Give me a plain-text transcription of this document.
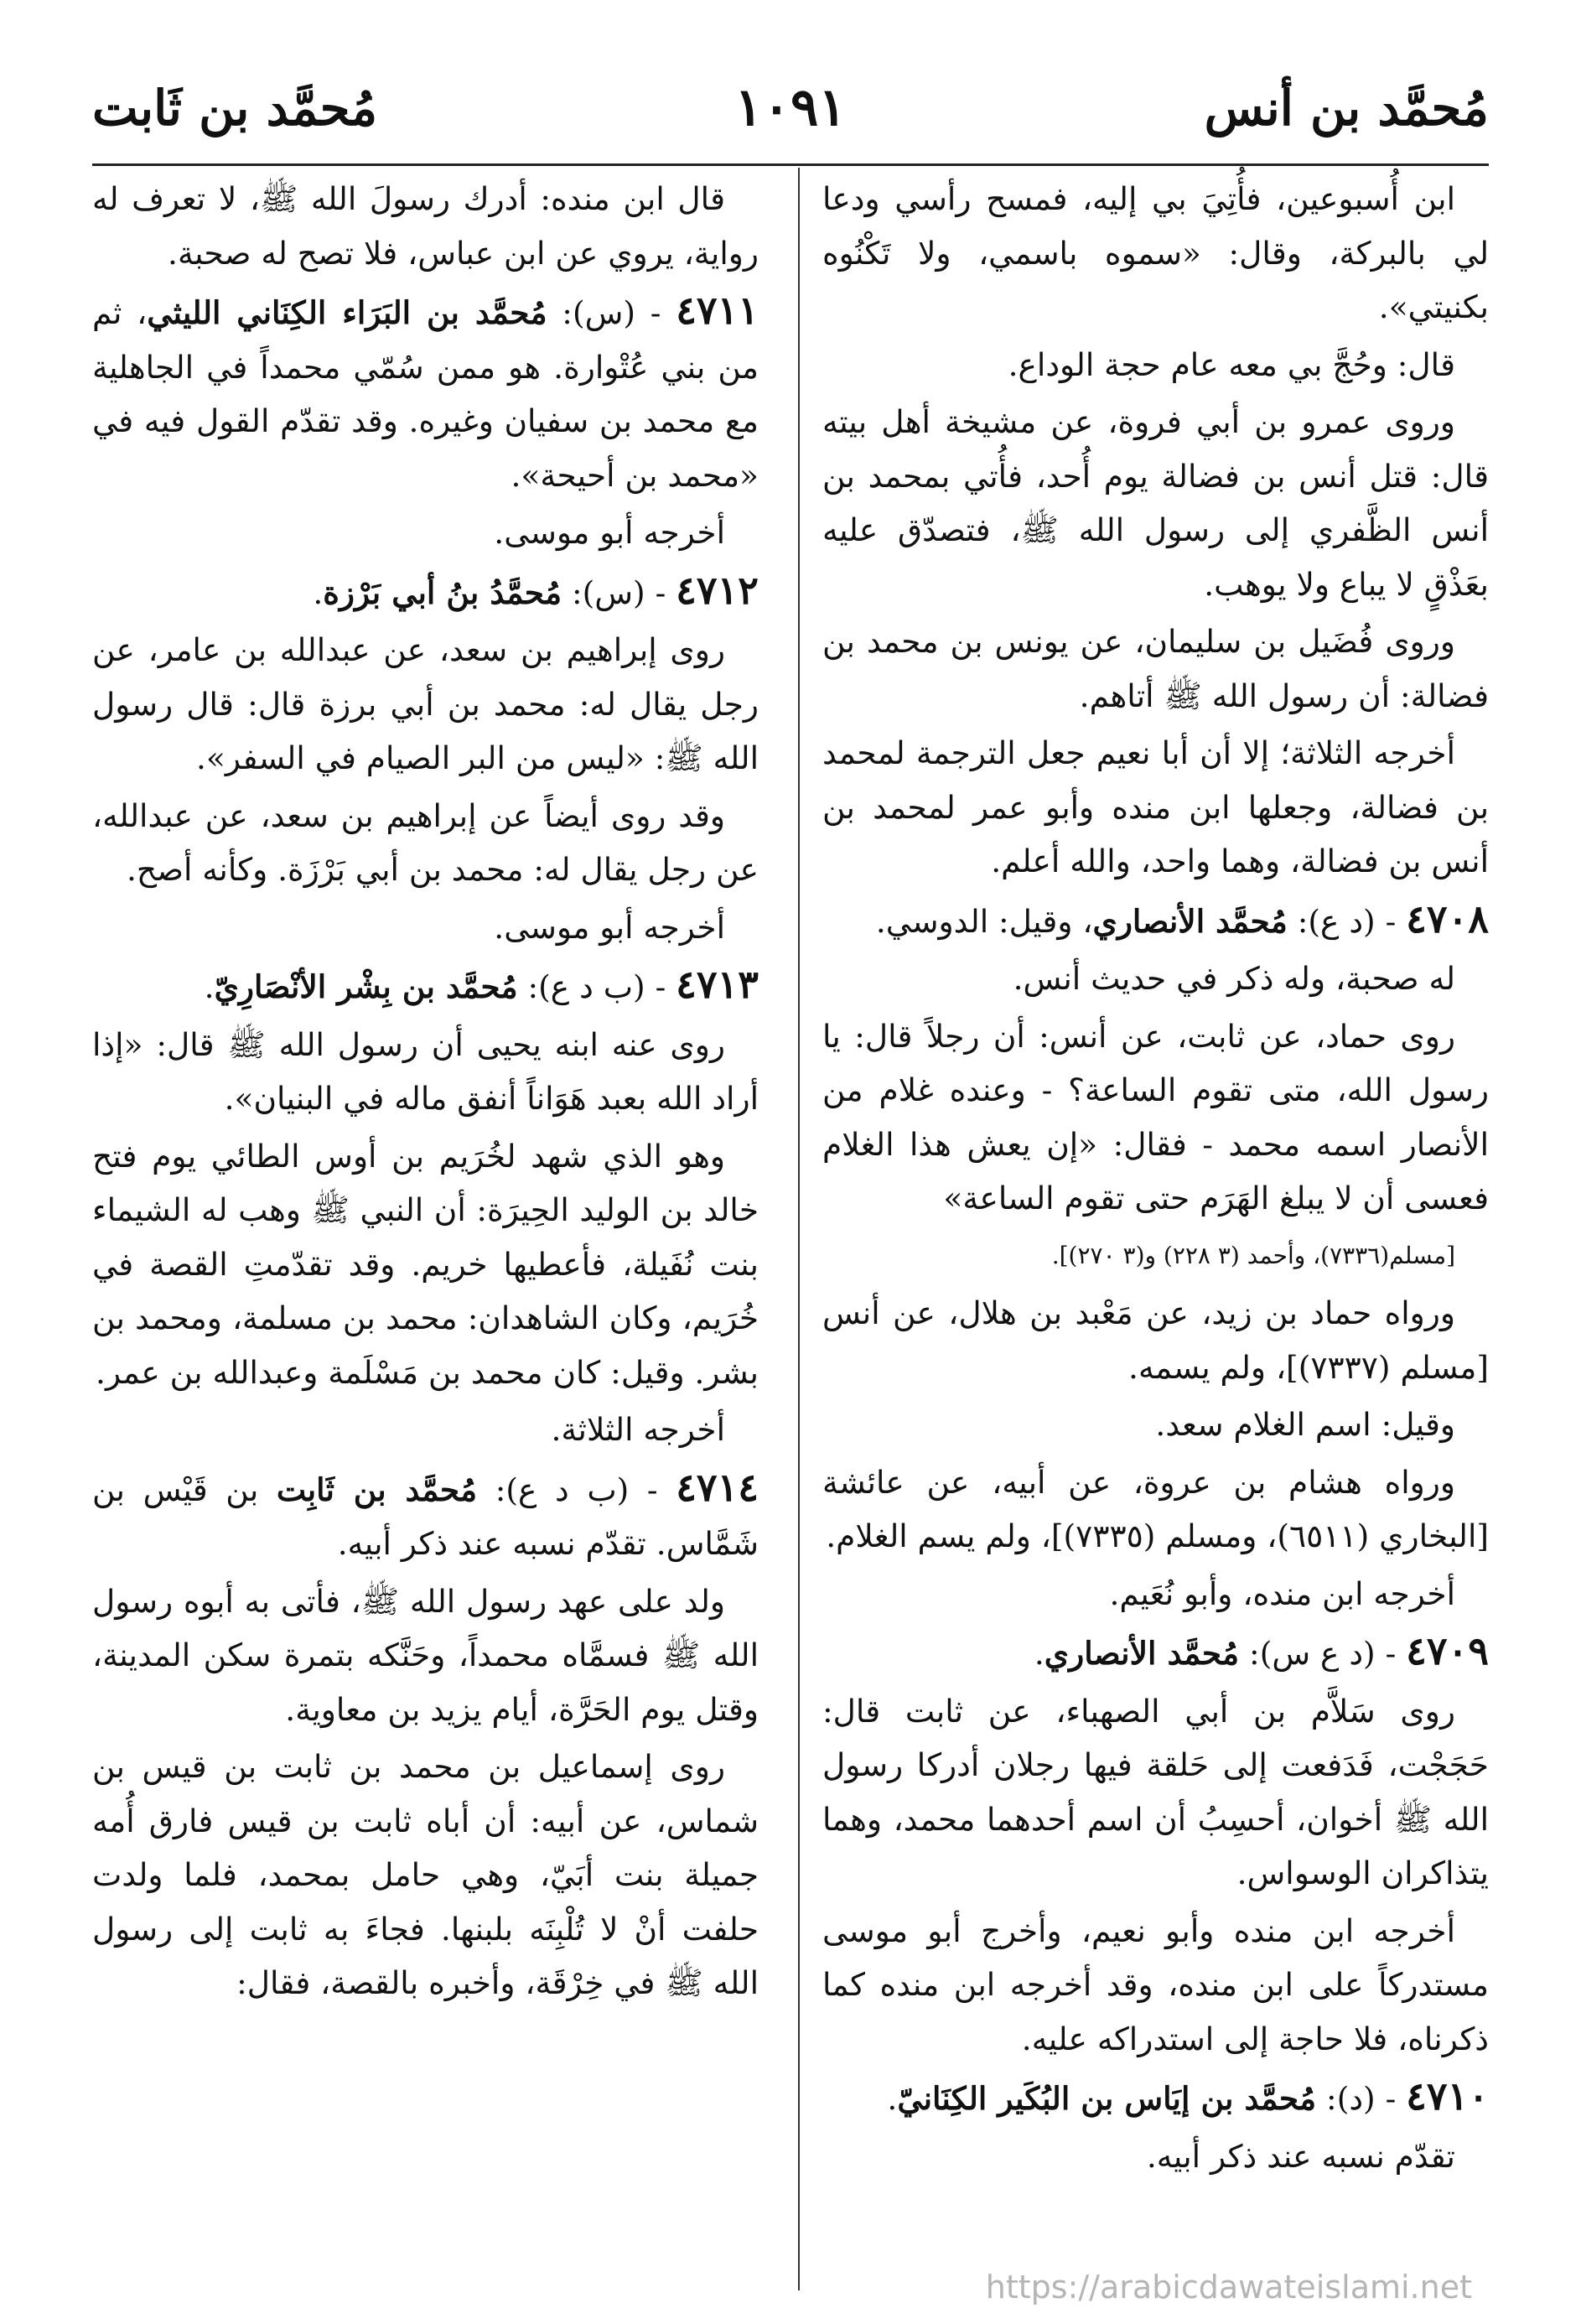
مُحمَّد بن أنس
١٠٩١
مُحمَّد بن ثَابت

ابن أُسبوعين، فأُتِيَ بي إليه، فمسح رأسي ودعا لي بالبركة، وقال: «سموه باسمي، ولا تَكْنُوه بكنيتي».

قال: وحُجَّ بي معه عام حجة الوداع.

وروى عمرو بن أبي فروة، عن مشيخة أهل بيته قال: قتل أنس بن فضالة يوم أُحد، فأُتي بمحمد بن أنس الظَّفري إلى رسول الله ﷺ، فتصدّق عليه بعَذْقٍ لا يباع ولا يوهب.

وروى فُضَيل بن سليمان، عن يونس بن محمد بن فضالة: أن رسول الله ﷺ أتاهم.

أخرجه الثلاثة؛ إلا أن أبا نعيم جعل الترجمة لمحمد بن فضالة، وجعلها ابن منده وأبو عمر لمحمد بن أنس بن فضالة، وهما واحد، والله أعلم.

٤٧٠٨ - (د ع): مُحمَّد الأنصاري، وقيل: الدوسي.

له صحبة، وله ذكر في حديث أنس.

روى حماد، عن ثابت، عن أنس: أن رجلاً قال: يا رسول الله، متى تقوم الساعة؟ - وعنده غلام من الأنصار اسمه محمد - فقال: «إن يعش هذا الغلام فعسى أن لا يبلغ الهَرَم حتى تقوم الساعة»

[مسلم(٧٣٣٦)، وأحمد (٣ ٢٢٨) و(٣ ٢٧٠)].

ورواه حماد بن زيد، عن مَعْبد بن هلال، عن أنس [مسلم (٧٣٣٧)]، ولم يسمه.

وقيل: اسم الغلام سعد.

ورواه هشام بن عروة، عن أبيه، عن عائشة [البخاري (٦٥١١)، ومسلم (٧٣٣٥)]، ولم يسم الغلام.

أخرجه ابن منده، وأبو نُعَيم.

٤٧٠٩ - (د ع س): مُحمَّد الأنصاري.

روى سَلاَّم بن أبي الصهباء، عن ثابت قال: حَجَجْت، فَدَفعت إلى حَلقة فيها رجلان أدركا رسول الله ﷺ أخوان، أحسِبُ أن اسم أحدهما محمد، وهما يتذاكران الوسواس.

أخرجه ابن منده وأبو نعيم، وأخرج أبو موسى مستدركاً على ابن منده، وقد أخرجه ابن منده كما ذكرناه، فلا حاجة إلى استدراكه عليه.

٤٧١٠ - (د): مُحمَّد بن إيَاس بن البُكَير الكِنَانيّ.

تقدّم نسبه عند ذكر أبيه.

قال ابن منده: أدرك رسولَ الله ﷺ، لا تعرف له رواية، يروي عن ابن عباس، فلا تصح له صحبة.

٤٧١١ - (س): مُحمَّد بن البَرَاء الكِنَاني الليثي، ثم من بني عُتْوارة. هو ممن سُمّي محمداً في الجاهلية مع محمد بن سفيان وغيره. وقد تقدّم القول فيه في «محمد بن أحيحة».

أخرجه أبو موسى.

٤٧١٢ - (س): مُحمَّدُ بنُ أبي بَرْزة.

روى إبراهيم بن سعد، عن عبدالله بن عامر، عن رجل يقال له: محمد بن أبي برزة قال: قال رسول الله ﷺ: «ليس من البر الصيام في السفر».

وقد روى أيضاً عن إبراهيم بن سعد، عن عبدالله، عن رجل يقال له: محمد بن أبي بَرْزَة. وكأنه أصح.

أخرجه أبو موسى.

٤٧١٣ - (ب د ع): مُحمَّد بن بِشْر الأنْصَارِيّ.

روى عنه ابنه يحيى أن رسول الله ﷺ قال: «إذا أراد الله بعبد هَوَاناً أنفق ماله في البنيان».

وهو الذي شهد لخُرَيم بن أوس الطائي يوم فتح خالد بن الوليد الحِيرَة: أن النبي ﷺ وهب له الشيماء بنت نُفَيلة، فأعطيها خريم. وقد تقدّمتِ القصة في خُرَيم، وكان الشاهدان: محمد بن مسلمة، ومحمد بن بشر. وقيل: كان محمد بن مَسْلَمة وعبدالله بن عمر.

أخرجه الثلاثة.

٤٧١٤ - (ب د ع): مُحمَّد بن ثَابِت بن قَيْس بن شَمَّاس. تقدّم نسبه عند ذكر أبيه.

ولد على عهد رسول الله ﷺ، فأتى به أبوه رسول الله ﷺ فسمَّاه محمداً، وحَنَّكه بتمرة سكن المدينة، وقتل يوم الحَرَّة، أيام يزيد بن معاوية.

روى إسماعيل بن محمد بن ثابت بن قيس بن شماس، عن أبيه: أن أباه ثابت بن قيس فارق أُمه جميلة بنت أبَيّ، وهي حامل بمحمد، فلما ولدت حلفت أنْ لا تُلْبِنَه بلبنها. فجاءَ به ثابت إلى رسول الله ﷺ في خِرْقَة، وأخبره بالقصة، فقال:

https://arabicdawateislami.net
